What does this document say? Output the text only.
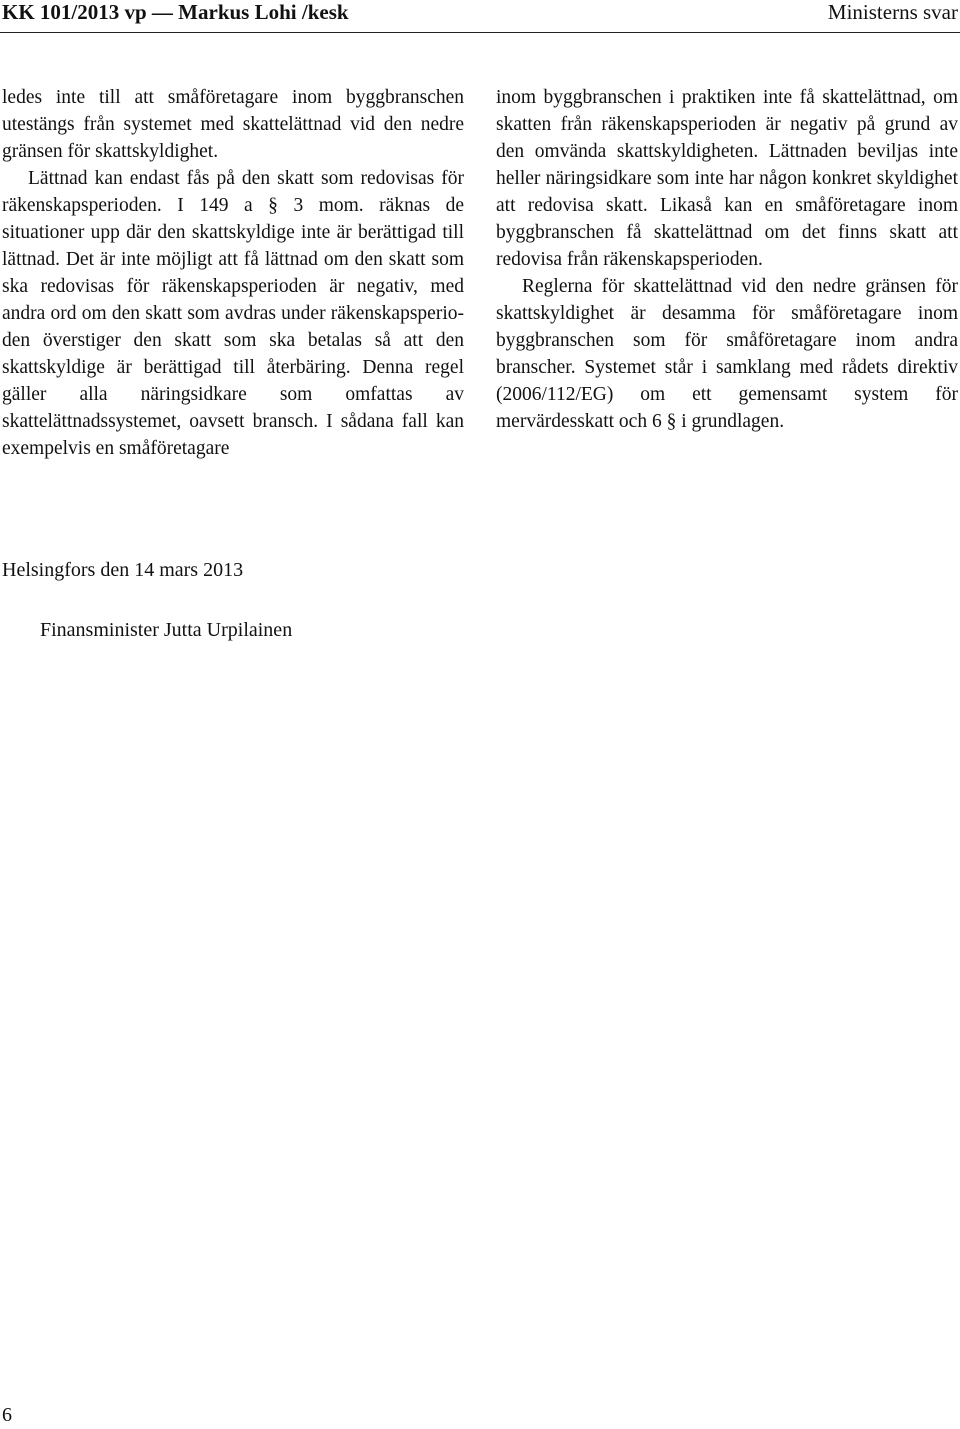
KK 101/2013 vp — Markus Lohi /kesk	Ministerns svar

ledes inte till att småföretagare inom byggbranschen utestängs från systemet med skattelättnad vid den nedre gränsen för skattskyldighet.

Lättnad kan endast fås på den skatt som redovisas för räkenskapsperioden. I 149 a § 3 mom. räknas de situationer upp där den skattskyldige inte är berättigad till lättnad. Det är inte möjligt att få lättnad om den skatt som ska redovisas för räkenskapsperioden är negativ, med andra ord om den skatt som avdras under räkenskapsperioden överstiger den skatt som ska betalas så att den skattskyldige är berättigad till återbäring. Denna regel gäller alla näringsidkare som omfattas av skattelättnadssystemet, oavsett bransch. I sådana fall kan exempelvis en småföretagare

inom byggbranschen i praktiken inte få skattelättnad, om skatten från räkenskapsperioden är negativ på grund av den omvända skattskyldigheten. Lättnaden beviljas inte heller näringsidkare som inte har någon konkret skyldighet att redovisa skatt. Likaså kan en småföretagare inom byggbranschen få skattelättnad om det finns skatt att redovisa från räkenskapsperioden.

Reglerna för skattelättnad vid den nedre gränsen för skattskyldighet är desamma för småföretagare inom byggbranschen som för småföretagare inom andra branscher. Systemet står i samklang med rådets direktiv (2006/112/EG) om ett gemensamt system för mervärdesskatt och 6 § i grundlagen.

Helsingfors den 14 mars 2013
Finansminister Jutta Urpilainen
6
